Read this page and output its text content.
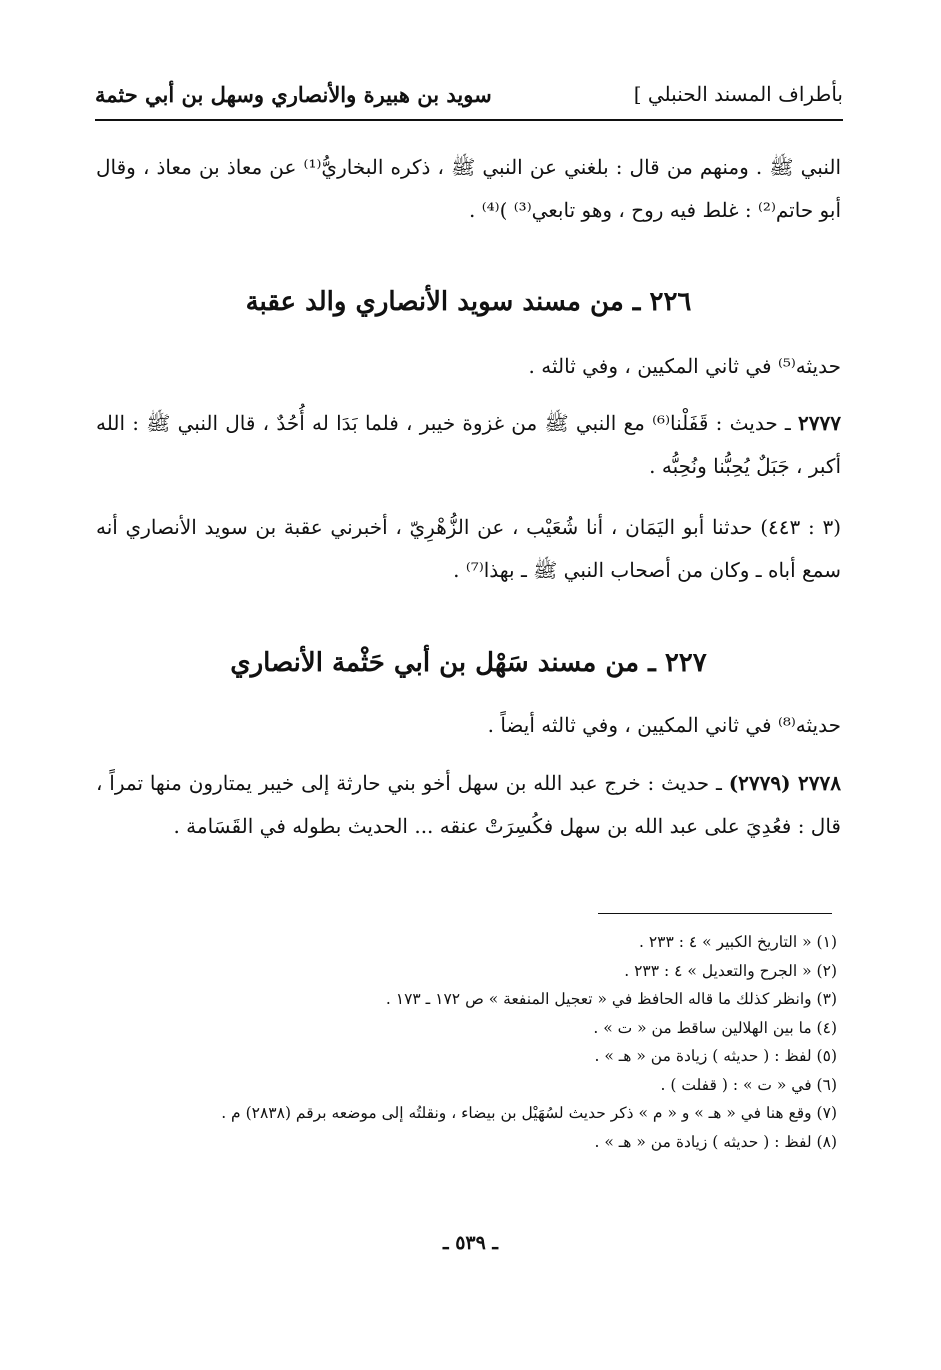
سويد بن هبيرة والأنصاري وسهل بن أبي حثمة	بأطراف المسند الحنبلي ]
النبي ﷺ . ومنهم من قال : بلغني عن النبي ﷺ ، ذكره البخاريُّ⁽¹⁾ عن معاذ بن معاذ ، وقال أبو حاتم⁽²⁾ : غلط فيه روح ، وهو تابعي⁽³⁾ )⁽⁴⁾ .
٢٢٦ ـ من مسند سويد الأنصاري والد عقبة
حديثه⁽⁵⁾ في ثاني المكيين ، وفي ثالثه .
٢٧٧٧ ـ حديث : قَفَلْنا⁽⁶⁾ مع النبي ﷺ من غزوة خيبر ، فلما بَدَا له أُحُدٌ ، قال النبي ﷺ : الله أكبر ، جَبَلٌ يُحِبُّنا ونُحِبُّه .
(٣ : ٤٤٣) حدثنا أبو اليَمَان ، أنا شُعَيْب ، عن الزُّهْرِيّ ، أخبرني عقبة بن سويد الأنصاري أنه سمع أباه ـ وكان من أصحاب النبي ﷺ ـ بهذا⁽⁷⁾ .
٢٢٧ ـ من مسند سَهْل بن أبي حَثْمة الأنصاري
حديثه⁽⁸⁾ في ثاني المكيين ، وفي ثالثه أيضاً .
٢٧٧٨ (٢٧٧٩) ـ حديث : خرج عبد الله بن سهل أخو بني حارثة إلى خيبر يمتارون منها تمراً ، قال : فعُدِيَ على عبد الله بن سهل فكُسِرَتْ عنقه ... الحديث بطوله في القَسَامة .
(١) « التاريخ الكبير » ٤ : ٢٣٣ .
(٢) « الجرح والتعديل » ٤ : ٢٣٣ .
(٣) وانظر كذلك ما قاله الحافظ في « تعجيل المنفعة » ص ١٧٢ ـ ١٧٣ .
(٤) ما بين الهلالين ساقط من « ت » .
(٥) لفظ : ( حديثه ) زيادة من « هـ » .
(٦) في « ت » : ( قفلت ) .
(٧) وقع هنا في « هـ » و « م » ذكر حديث لسُهَيْل بن بيضاء ، ونقلتُه إلى موضعه برقم (٢٨٣٨) م .
(٨) لفظ : ( حديثه ) زيادة من « هـ » .
ـ ٥٣٩ ـ
